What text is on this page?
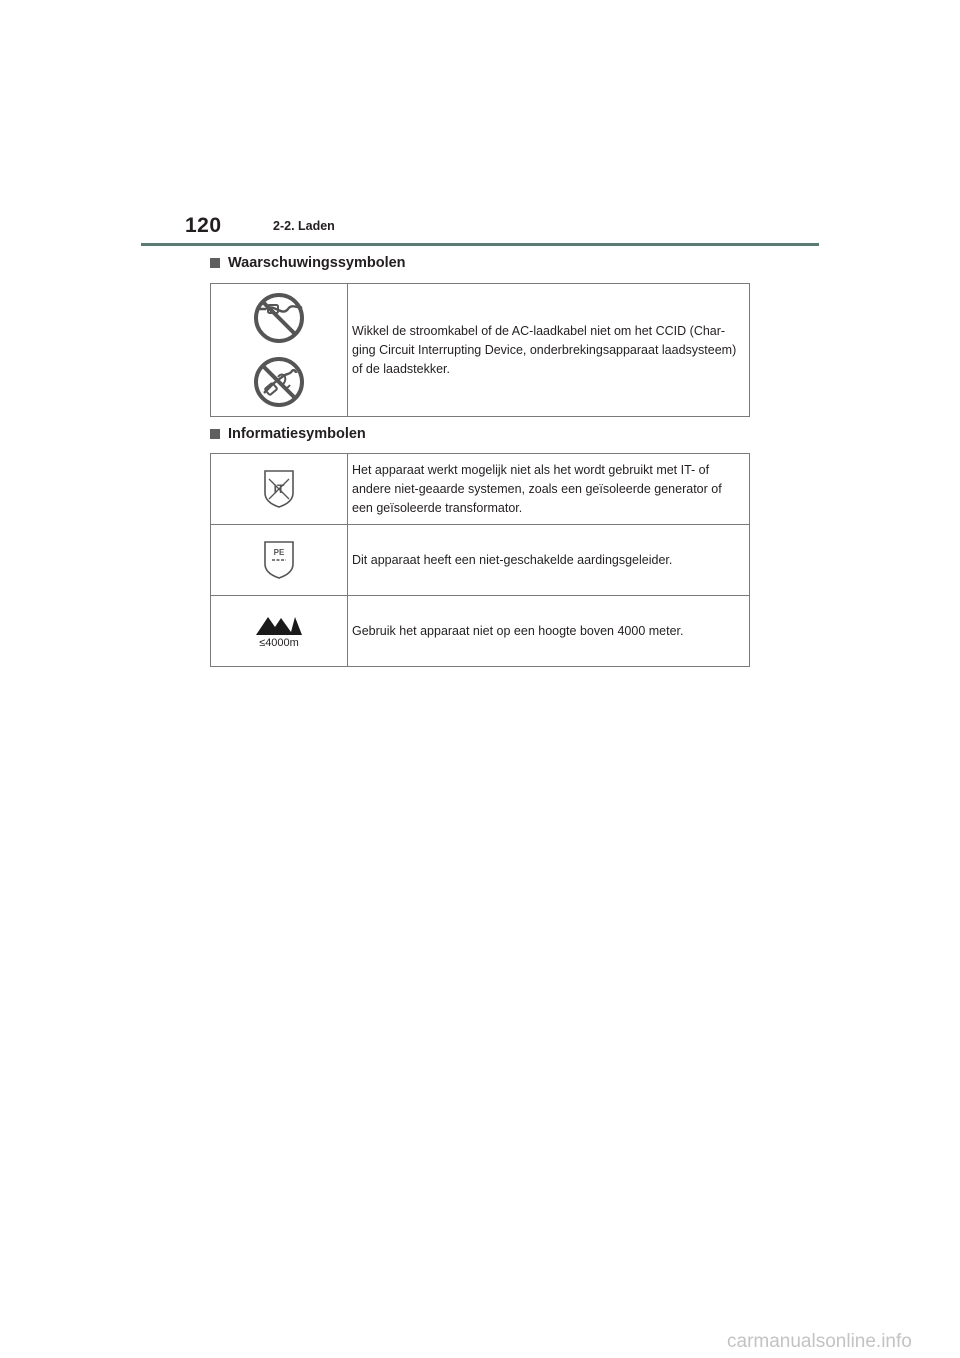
120	2-2. Laden
Waarschuwingssymbolen
	Wikkel de stroomkabel of de AC-laadkabel niet om het CCID (Char-ging Circuit Interrupting Device, onderbrekingsapparaat laadsysteem) of de laadstekker.
Informatiesymbolen
IT	Het apparaat werkt mogelijk niet als het wordt gebruikt met IT- of andere niet-geaarde systemen, zoals een geïsoleerde generator of een geïsoleerde transformator.

PE	Dit apparaat heeft een niet-geschakelde aardingsgeleider.

≤4000m	Gebruik het apparaat niet op een hoogte boven 4000 meter.
carmanualsonline.info
